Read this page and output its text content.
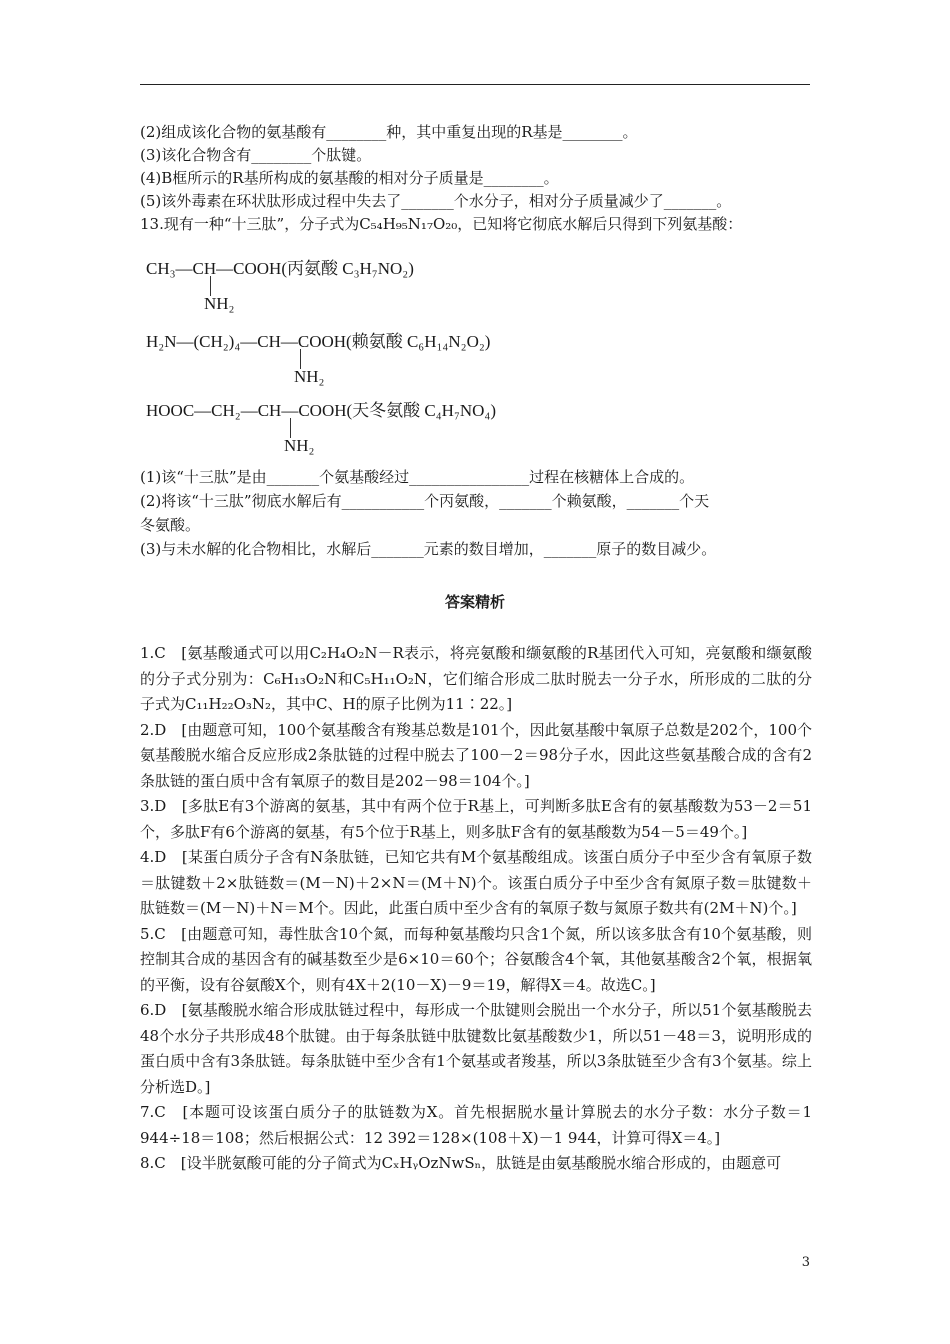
(2)组成该化合物的氨基酸有________种，其中重复出现的R基是________。
(3)该化合物含有________个肽键。
(4)B框所示的R基所构成的氨基酸的相对分子质量是________。
(5)该外毒素在环状肽形成过程中失去了_______个水分子，相对分子质量减少了_______。
13.现有一种“十三肽”，分子式为C₅₄H₉₅N₁₇O₂₀，已知将它彻底水解后只得到下列氨基酸：
CH₃—CH—COOH(丙氨酸 C₃H₇NO₂)
NH₂
H₂N—(CH₂)₄—CH—COOH(赖氨酸 C₆H₁₄N₂O₂)
NH₂
HOOC—CH₂—CH—COOH(天冬氨酸 C₄H₇NO₄)
NH₂
(1)该“十三肽”是由_______个氨基酸经过________________过程在核糖体上合成的。
(2)将该“十三肽”彻底水解后有___________个丙氨酸，_______个赖氨酸，_______个天
冬氨酸。
(3)与未水解的化合物相比，水解后_______元素的数目增加，_______原子的数目减少。
答案精析

1.C　[氨基酸通式可以用C₂H₄O₂N－R表示，将亮氨酸和缬氨酸的R基团代入可知，亮氨酸和缬氨酸的分子式分别为：C₆H₁₃O₂N和C₅H₁₁O₂N，它们缩合形成二肽时脱去一分子水，所形成的二肽的分子式为C₁₁H₂₂O₃N₂，其中C、H的原子比例为11∶22。]

2.D　[由题意可知，100个氨基酸含有羧基总数是101个，因此氨基酸中氧原子总数是202个，100个氨基酸脱水缩合反应形成2条肽链的过程中脱去了100－2＝98分子水，因此这些氨基酸合成的含有2条肽链的蛋白质中含有氧原子的数目是202－98＝104个。]

3.D　[多肽E有3个游离的氨基，其中有两个位于R基上，可判断多肽E含有的氨基酸数为53－2＝51个，多肽F有6个游离的氨基，有5个位于R基上，则多肽F含有的氨基酸数为54－5＝49个。]

4.D　[某蛋白质分子含有N条肽链，已知它共有M个氨基酸组成。该蛋白质分子中至少含有氧原子数＝肽键数＋2×肽链数＝(M－N)＋2×N＝(M＋N)个。该蛋白质分子中至少含有氮原子数＝肽键数＋肽链数＝(M－N)＋N＝M个。因此，此蛋白质中至少含有的氧原子数与氮原子数共有(2M＋N)个。]

5.C　[由题意可知，毒性肽含10个氮，而每种氨基酸均只含1个氮，所以该多肽含有10个氨基酸，则控制其合成的基因含有的碱基数至少是6×10＝60个；谷氨酸含4个氧，其他氨基酸含2个氧，根据氧的平衡，设有谷氨酸X个，则有4X＋2(10－X)－9＝19，解得X＝4。故选C。]

6.D　[氨基酸脱水缩合形成肽链过程中，每形成一个肽键则会脱出一个水分子，所以51个氨基酸脱去48个水分子共形成48个肽键。由于每条肽链中肽键数比氨基酸数少1，所以51－48＝3，说明形成的蛋白质中含有3条肽链。每条肽链中至少含有1个氨基或者羧基，所以3条肽链至少含有3个氨基。综上分析选D。]

7.C　[本题可设该蛋白质分子的肽链数为X。首先根据脱水量计算脱去的水分子数：水分子数＝1 944÷18＝108；然后根据公式：12 392＝128×(108＋X)－1 944，计算可得X＝4。]

8.C　[设半胱氨酸可能的分子简式为CₓHᵧOzNwSₙ，肽链是由氨基酸脱水缩合形成的，由题意可

3
